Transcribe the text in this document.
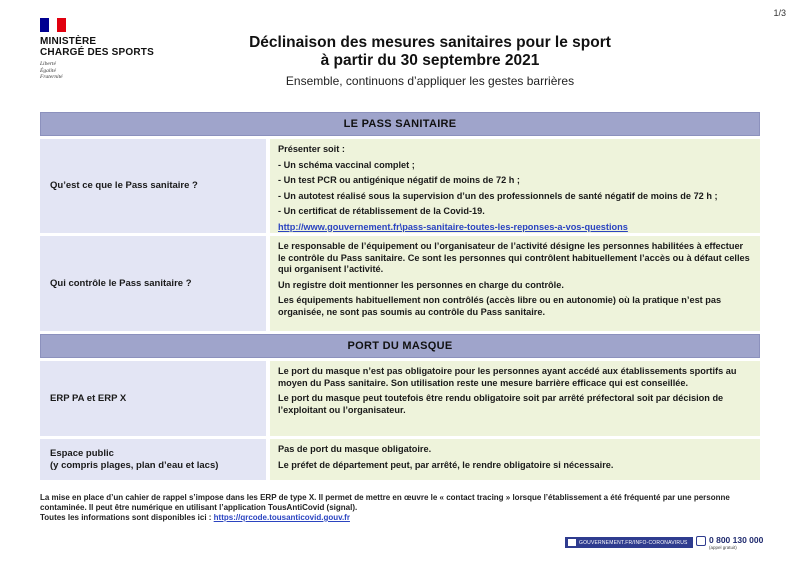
1/3
MINISTÈRE
CHARGÉ DES SPORTS
Liberté
Égalité
Fraternité
Déclinaison des mesures sanitaires pour le sport
à partir du 30 septembre 2021
Ensemble, continuons d’appliquer les gestes barrières
LE PASS SANITAIRE
Qu’est ce que le Pass sanitaire ?

Présenter soit :

- Un schéma vaccinal complet ;

- Un test PCR ou antigénique négatif de moins de 72 h ;

- Un autotest réalisé sous la supervision d’un des professionnels de santé négatif de moins de 72 h ;

- Un certificat de rétablissement de la Covid-19.

http://www.gouvernement.fr\pass-sanitaire-toutes-les-reponses-a-vos-questions

Qui contrôle le Pass sanitaire ?

Le responsable de l’équipement ou l’organisateur de l’activité désigne les personnes habilitées à effectuer le contrôle du Pass sanitaire. Ce sont les personnes qui contrôlent habituellement l’accès ou à défaut celles qui organisent l’activité.

Un registre doit mentionner les personnes en charge du contrôle.

Les équipements habituellement non contrôlés (accès libre ou en autonomie) où la pratique n’est pas organisée, ne sont pas soumis au contrôle du Pass sanitaire.

PORT DU MASQUE
ERP PA et ERP X

Le port du masque n’est pas obligatoire pour les personnes ayant accédé aux établissements sportifs au moyen du Pass sanitaire. Son utilisation reste une mesure barrière efficace qui est conseillée.

Le port du masque peut toutefois être rendu obligatoire soit par arrêté préfectoral soit par décision de l’exploitant ou l’organisateur.

Espace public
(y compris plages, plan d’eau et lacs)

Pas de port du masque obligatoire.

Le préfet de département peut, par arrêté, le rendre obligatoire si nécessaire.

La mise en place d’un cahier de rappel s’impose dans les ERP de type X. Il permet de mettre en œuvre le « contact tracing » lorsque l’établissement a été fréquenté par une personne contaminée. Il peut être numérique en utilisant l’application TousAntiCovid (signal).
Toutes les informations sont disponibles ici : https://qrcode.tousanticovid.gouv.fr
GOUVERNEMENT.FR/INFO-CORONAVIRUS	0 800 130 000
(appel gratuit)
